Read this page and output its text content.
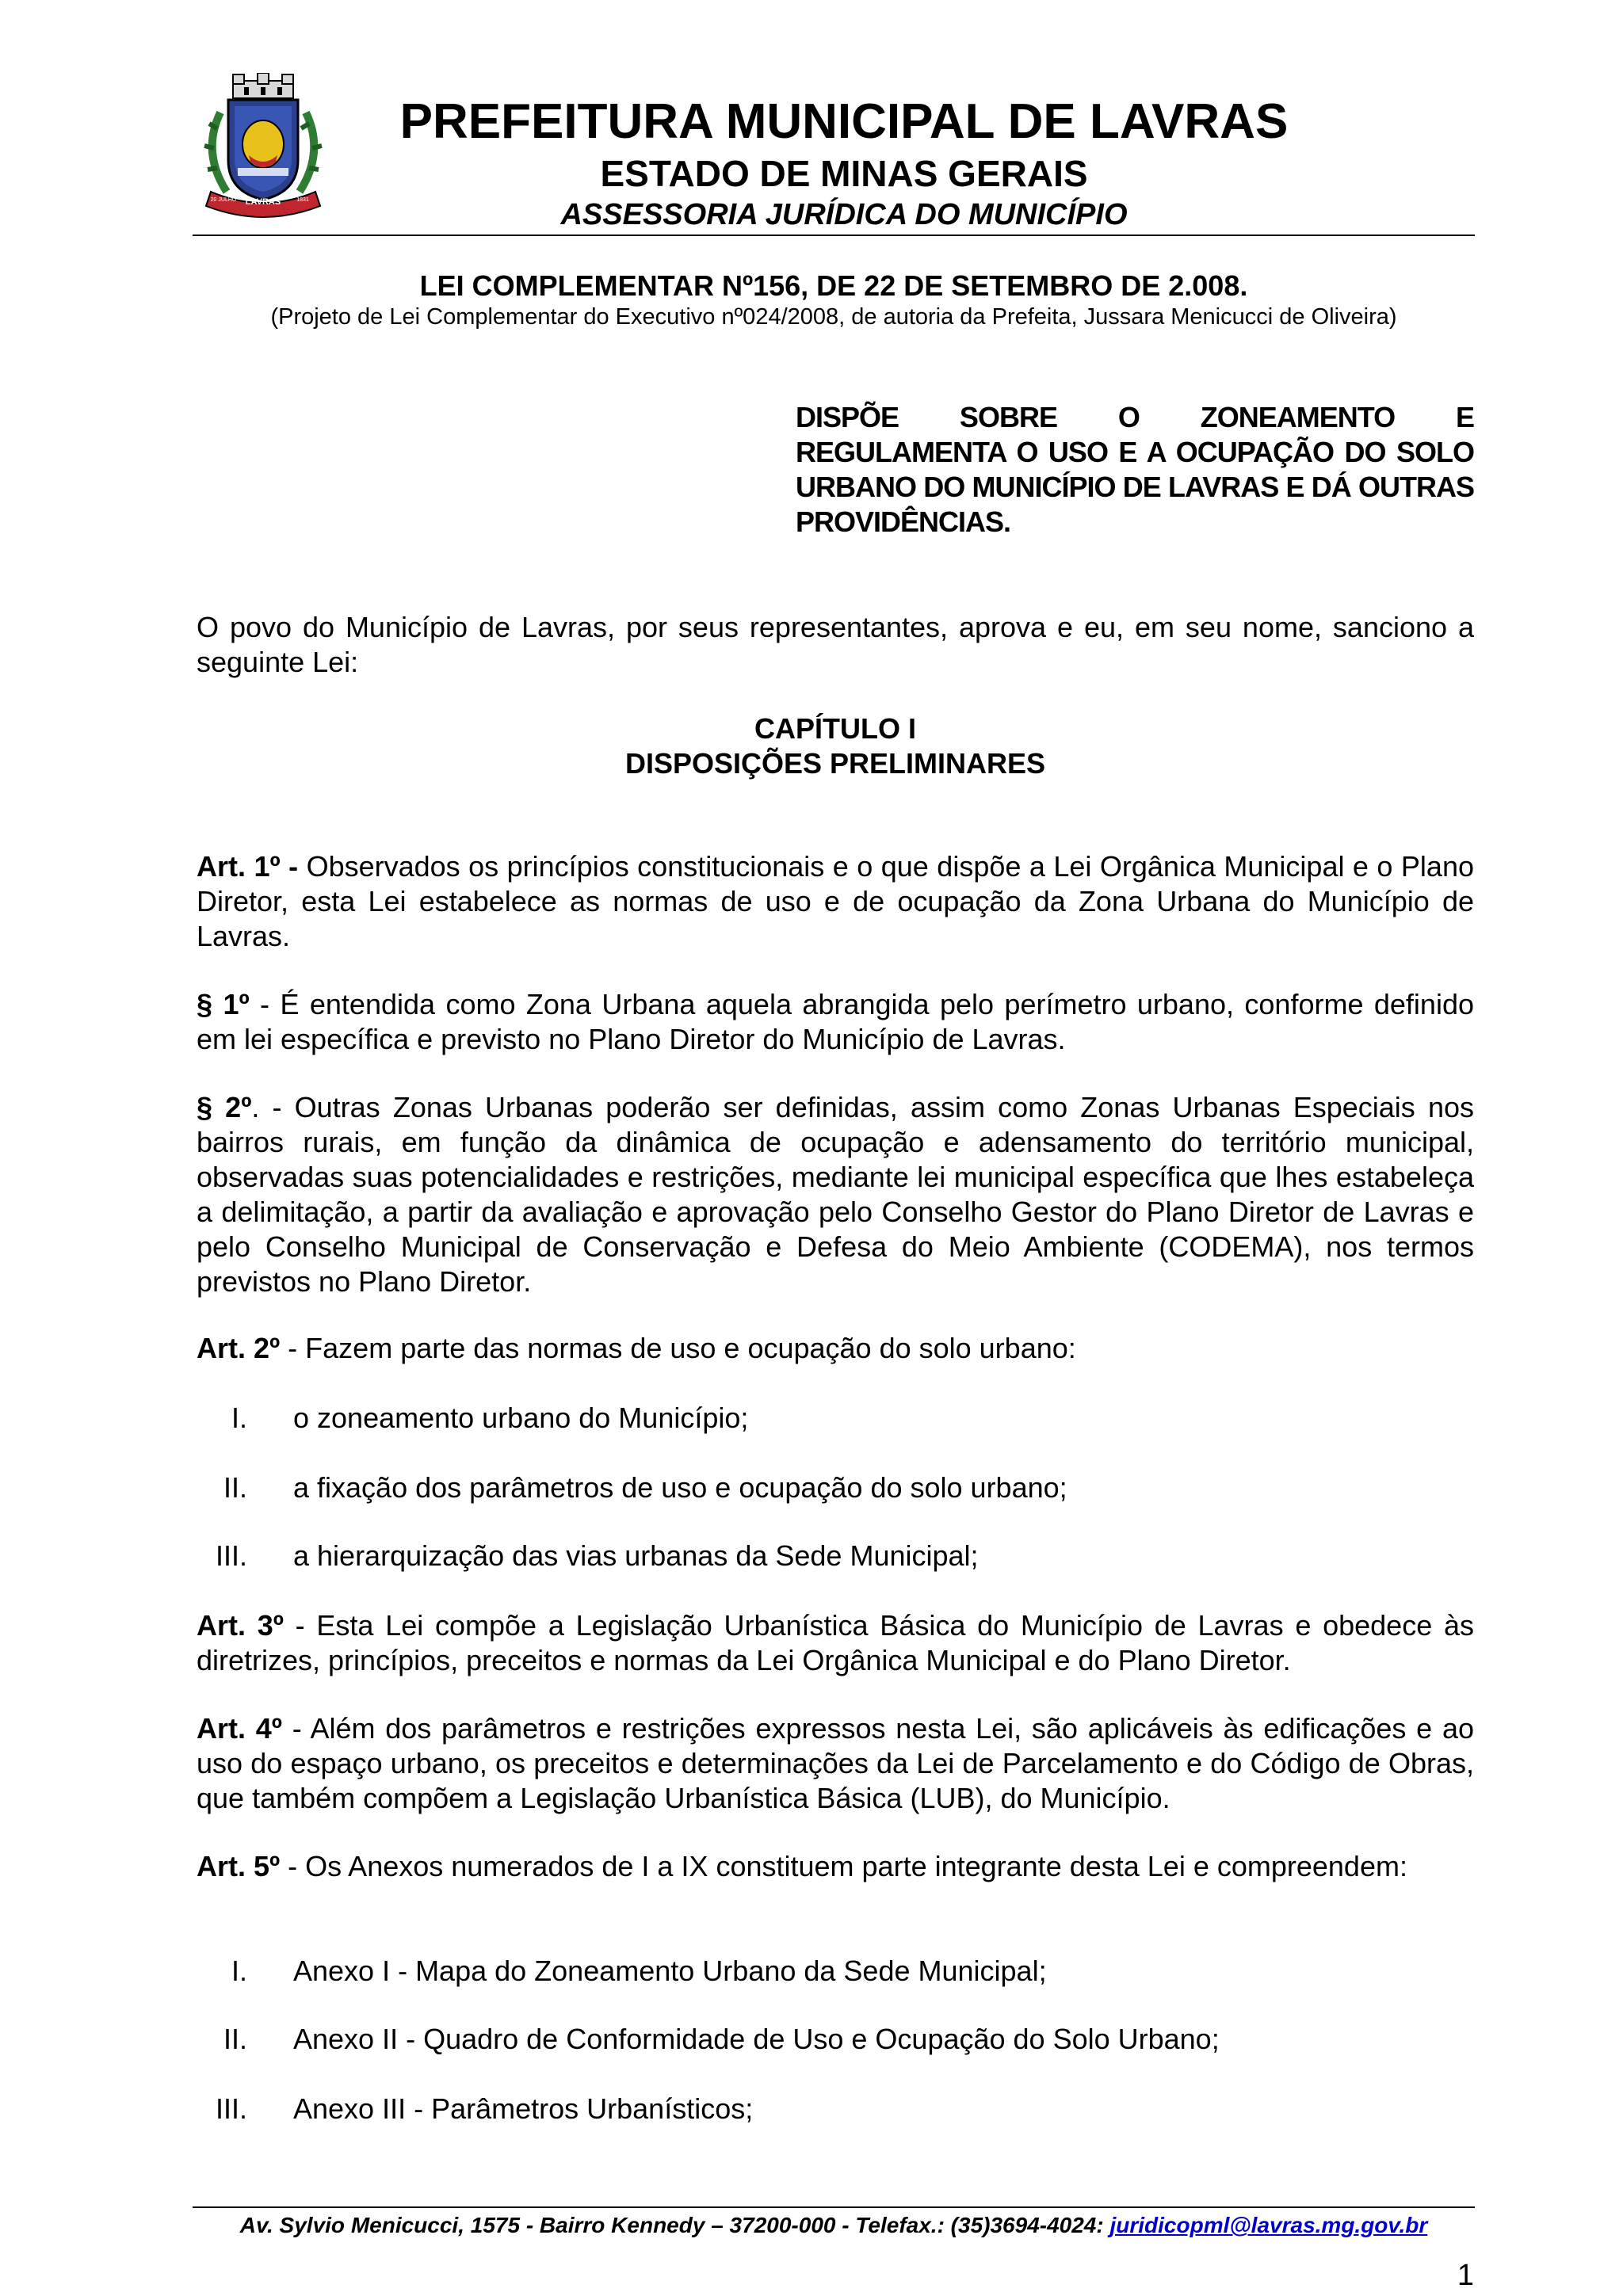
LAVRAS
20 JULHO	1831
PREFEITURA MUNICIPAL DE LAVRAS
ESTADO DE MINAS GERAIS
ASSESSORIA JURÍDICA DO MUNICÍPIO
LEI COMPLEMENTAR Nº156, DE 22 DE SETEMBRO DE 2.008.
(Projeto de Lei Complementar do Executivo nº024/2008, de autoria da Prefeita, Jussara Menicucci de Oliveira)
DISPÕE SOBRE O ZONEAMENTO E REGULAMENTA O USO E A OCUPAÇÃO DO SOLO URBANO DO MUNICÍPIO DE LAVRAS E DÁ OUTRAS PROVIDÊNCIAS.

O povo do Município de Lavras, por seus representantes, aprova e eu, em seu nome, sanciono a seguinte Lei:

CAPÍTULO I
DISPOSIÇÕES PRELIMINARES

Art. 1º - Observados os princípios constitucionais e o que dispõe a Lei Orgânica Municipal e o Plano Diretor, esta Lei estabelece as normas de uso e de ocupação da Zona Urbana do Município de Lavras.

§ 1º - É entendida como Zona Urbana aquela abrangida pelo perímetro urbano, conforme definido em lei específica e previsto no Plano Diretor do Município de Lavras.

§ 2º. - Outras Zonas Urbanas poderão ser definidas, assim como Zonas Urbanas Especiais nos bairros rurais, em função da dinâmica de ocupação e adensamento do território municipal, observadas suas potencialidades e restrições, mediante lei municipal específica que lhes estabeleça a delimitação, a partir da avaliação e aprovação pelo Conselho Gestor do Plano Diretor de Lavras e pelo Conselho Municipal de Conservação e Defesa do Meio Ambiente (CODEMA), nos termos previstos no Plano Diretor.

Art. 2º - Fazem parte das normas de uso e ocupação do solo urbano:

I. o zoneamento urbano do Município;
II. a fixação dos parâmetros de uso e ocupação do solo urbano;
III. a hierarquização das vias urbanas da Sede Municipal;

Art. 3º - Esta Lei compõe a Legislação Urbanística Básica do Município de Lavras e obedece às diretrizes, princípios, preceitos e normas da Lei Orgânica Municipal e do Plano Diretor.

Art. 4º - Além dos parâmetros e restrições expressos nesta Lei, são aplicáveis às edificações e ao uso do espaço urbano, os preceitos e determinações da Lei de Parcelamento e do Código de Obras, que também compõem a Legislação Urbanística Básica (LUB), do Município.

Art. 5º - Os Anexos numerados de I a IX constituem parte integrante desta Lei e compreendem:

I. Anexo I - Mapa do Zoneamento Urbano da Sede Municipal;
II. Anexo II - Quadro de Conformidade de Uso e Ocupação do Solo Urbano;
III. Anexo III - Parâmetros Urbanísticos;
Av. Sylvio Menicucci, 1575 - Bairro Kennedy – 37200-000 - Telefax.: (35)3694-4024: juridicopml@lavras.mg.gov.br
1
